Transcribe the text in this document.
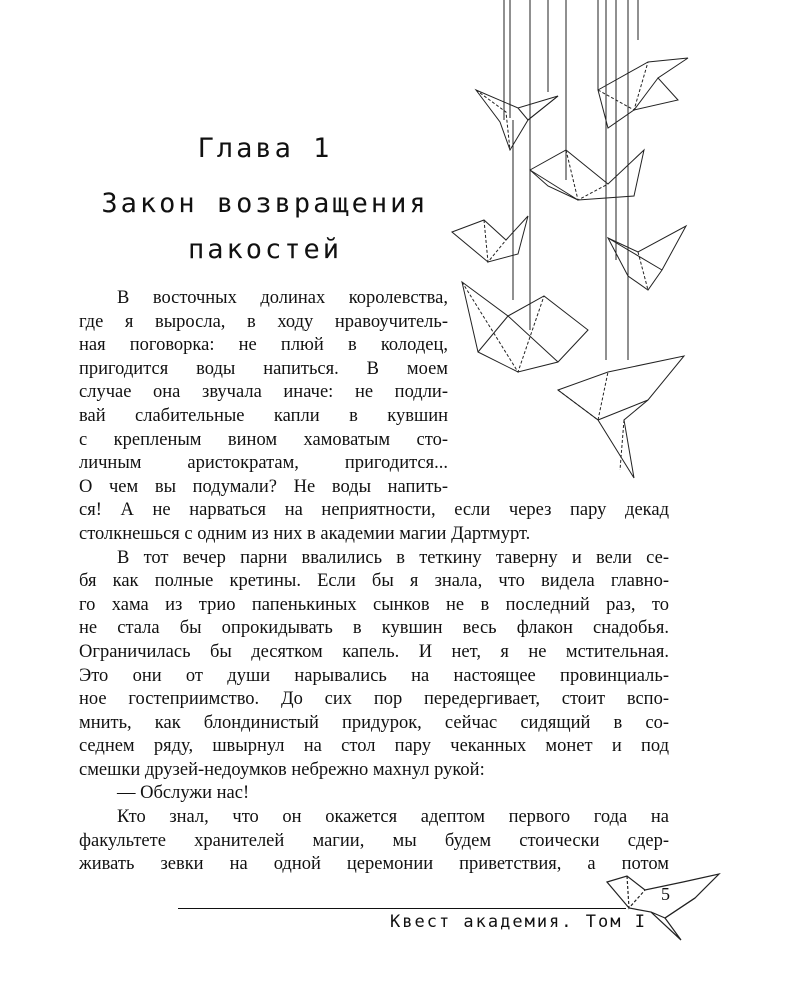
Глава 1
Закон возвращения
пакостей
В восточных долинах королевства,
где я выросла, в ходу нравоучитель-
ная поговорка: не плюй в колодец,
пригодится воды напиться. В моем
случае она звучала иначе: не подли-
вай слабительные капли в кувшин
с крепленым вином хамоватым сто-
личным аристократам, пригодится...
О чем вы подумали? Не воды напить-
ся! А не нарваться на неприятности, если через пару декад
столкнешься с одним из них в академии магии Дартмурт.
В тот вечер парни ввалились в теткину таверну и вели се-
бя как полные кретины. Если бы я знала, что видела главно-
го хама из трио папенькиных сынков не в последний раз, то
не стала бы опрокидывать в кувшин весь флакон снадобья.
Ограничилась бы десятком капель. И нет, я не мстительная.
Это они от души нарывались на настоящее провинциаль-
ное гостеприимство. До сих пор передергивает, стоит вспо-
мнить, как блондинистый придурок, сейчас сидящий в со-
седнем ряду, швырнул на стол пару чеканных монет и под
смешки друзей-недоумков небрежно махнул рукой:
— Обслужи нас!
Кто знал, что он окажется адептом первого года на
факультете хранителей магии, мы будем стоически сдер-
живать зевки на одной церемонии приветствия, а потом
5
Квест академия. Том I
